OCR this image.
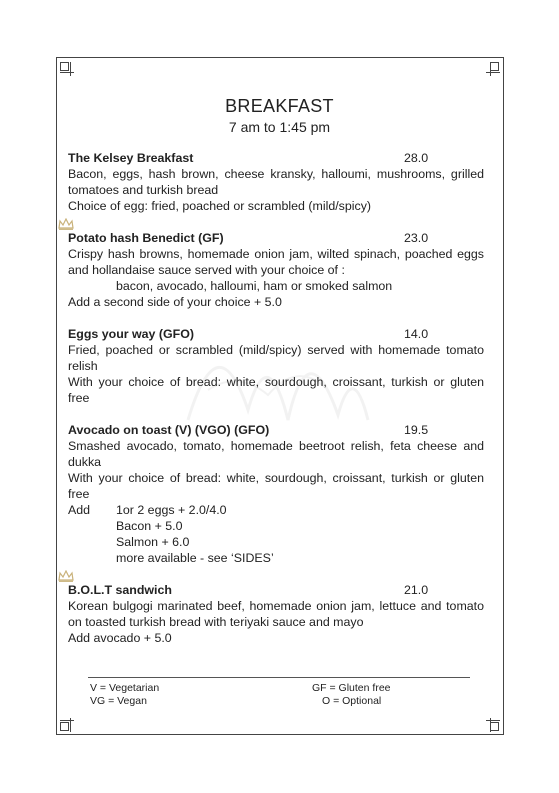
BREAKFAST
7 am to 1:45 pm
The Kelsey Breakfast	28.0
Bacon, eggs, hash brown, cheese kransky, halloumi, mushrooms, grilled tomatoes and turkish bread
Choice of egg: fried, poached or scrambled (mild/spicy)
Potato hash Benedict (GF)	23.0
Crispy hash browns, homemade onion jam, wilted spinach, poached eggs and hollandaise sauce served with your choice of :
bacon, avocado, halloumi, ham or smoked salmon
Add a second side of your choice + 5.0
Eggs your way (GFO)	14.0
Fried, poached or scrambled (mild/spicy) served with homemade tomato relish
With your choice of bread: white, sourdough, croissant, turkish or gluten free
Avocado on toast (V) (VGO) (GFO)	19.5
Smashed avocado, tomato, homemade beetroot relish, feta cheese and dukka
With your choice of bread: white, sourdough, croissant, turkish or gluten free
Add 1or 2 eggs + 2.0/4.0
Bacon + 5.0
Salmon + 6.0
more available - see ‘SIDES’
B.O.L.T sandwich	21.0
Korean bulgogi marinated beef, homemade onion jam, lettuce and tomato on toasted turkish bread with teriyaki sauce and mayo
Add avocado + 5.0
V = Vegetarian
VG = Vegan
GF = Gluten free
O = Optional
